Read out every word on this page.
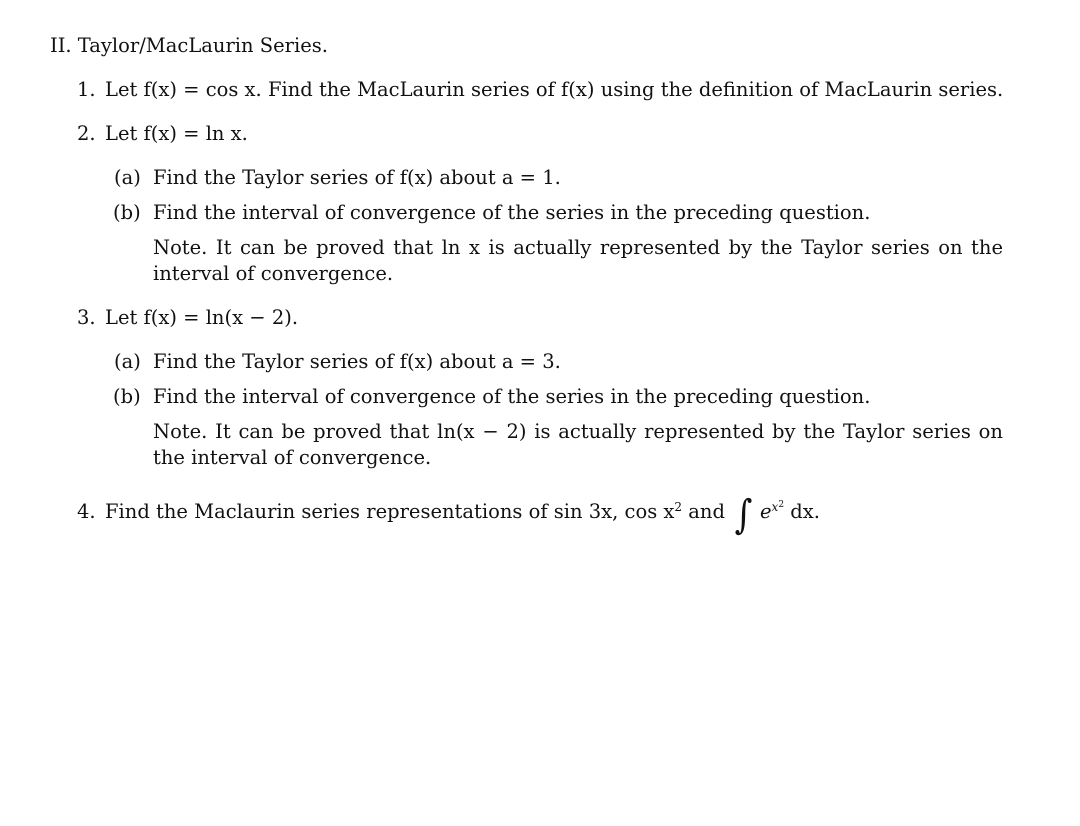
II. Taylor/MacLaurin Series.
1. Let f(x) = cos x. Find the MacLaurin series of f(x) using the definition of MacLaurin series.
2. Let f(x) = ln x.
(a) Find the Taylor series of f(x) about a = 1.
(b) Find the interval of convergence of the series in the preceding question.
Note. It can be proved that ln x is actually represented by the Taylor series on the interval of convergence.
3. Let f(x) = ln(x − 2).
(a) Find the Taylor series of f(x) about a = 3.
(b) Find the interval of convergence of the series in the preceding question.
Note. It can be proved that ln(x − 2) is actually represented by the Taylor series on the interval of convergence.
4. Find the Maclaurin series representations of sin 3x, $\cos x^2$ and ∫ $e^{x^2}$ dx.
